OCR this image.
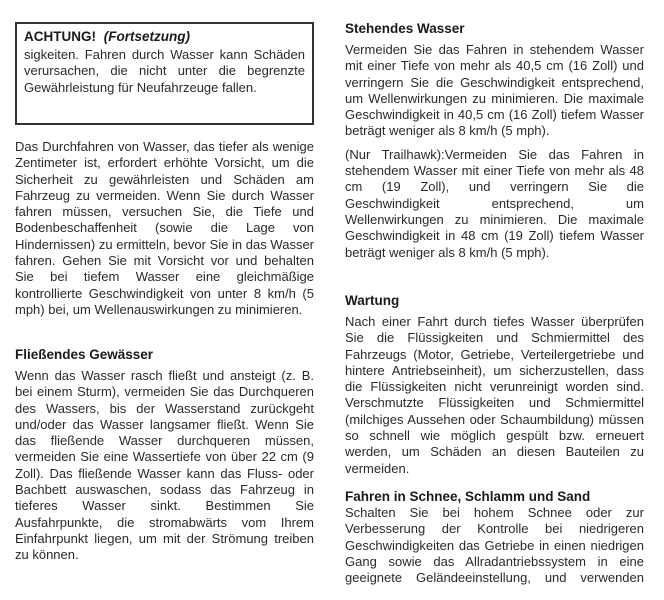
ACHTUNG! (Fortsetzung)

sigkeiten. Fahren durch Wasser kann Schäden verursachen, die nicht unter die begrenzte Gewährleistung für Neufahrzeuge fallen.

Das Durchfahren von Wasser, das tiefer als wenige Zentimeter ist, erfordert erhöhte Vorsicht, um die Sicherheit zu gewährleisten und Schäden am Fahrzeug zu vermeiden. Wenn Sie durch Wasser fahren müssen, versuchen Sie, die Tiefe und Bodenbeschaffenheit (sowie die Lage von Hindernissen) zu ermitteln, bevor Sie in das Wasser fahren. Gehen Sie mit Vorsicht vor und behalten Sie bei tiefem Wasser eine gleichmäßige kontrollierte Geschwindigkeit von unter 8 km/h (5 mph) bei, um Wellenauswirkungen zu minimieren.

Fließendes Gewässer

Wenn das Wasser rasch fließt und ansteigt (z. B. bei einem Sturm), vermeiden Sie das Durchqueren des Wassers, bis der Wasserstand zurückgeht und/oder das Wasser langsamer fließt. Wenn Sie das fließende Wasser durchqueren müssen, vermeiden Sie eine Wassertiefe von über 22 cm (9 Zoll). Das fließende Wasser kann das Fluss- oder Bachbett auswaschen, sodass das Fahrzeug in tieferes Wasser sinkt. Bestimmen Sie Ausfahrpunkte, die stromabwärts vom Ihrem Einfahrpunkt liegen, um mit der Strömung treiben zu können.

Stehendes Wasser

Vermeiden Sie das Fahren in stehendem Wasser mit einer Tiefe von mehr als 40,5 cm (16 Zoll) und verringern Sie die Geschwindigkeit entsprechend, um Wellenwirkungen zu minimieren. Die maximale Geschwindigkeit in 40,5 cm (16 Zoll) tiefem Wasser beträgt weniger als 8 km/h (5 mph).

(Nur Trailhawk):Vermeiden Sie das Fahren in stehendem Wasser mit einer Tiefe von mehr als 48 cm (19 Zoll), und verringern Sie die Geschwindigkeit entsprechend, um Wellenwirkungen zu minimieren. Die maximale Geschwindigkeit in 48 cm (19 Zoll) tiefem Wasser beträgt weniger als 8 km/h (5 mph).

Wartung

Nach einer Fahrt durch tiefes Wasser überprüfen Sie die Flüssigkeiten und Schmiermittel des Fahrzeugs (Motor, Getriebe, Verteilergetriebe und hintere Antriebseinheit), um sicherzustellen, dass die Flüssigkeiten nicht verunreinigt worden sind. Verschmutzte Flüssigkeiten und Schmiermittel (milchiges Aussehen oder Schaumbildung) müssen so schnell wie möglich gespült bzw. erneuert werden, um Schäden an diesen Bauteilen zu vermeiden.

Fahren in Schnee, Schlamm und Sand

Schalten Sie bei hohem Schnee oder zur Verbesserung der Kontrolle bei niedrigeren Geschwindigkeiten das Getriebe in einen niedrigen Gang sowie das Allradantriebssystem in eine geeignete Geländeeinstellung, und verwenden
